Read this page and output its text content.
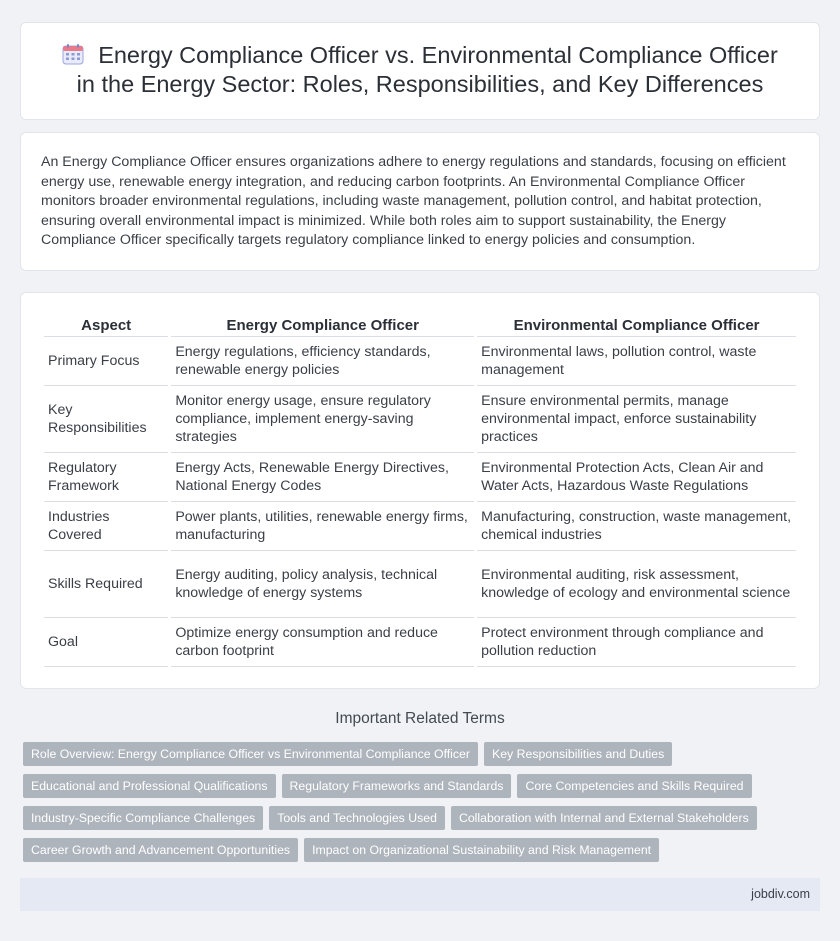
Energy Compliance Officer vs. Environmental Compliance Officer in the Energy Sector: Roles, Responsibilities, and Key Differences

An Energy Compliance Officer ensures organizations adhere to energy regulations and standards, focusing on efficient energy use, renewable energy integration, and reducing carbon footprints. An Environmental Compliance Officer monitors broader environmental regulations, including waste management, pollution control, and habitat protection, ensuring overall environmental impact is minimized. While both roles aim to support sustainability, the Energy Compliance Officer specifically targets regulatory compliance linked to energy policies and consumption.

Aspect	Energy Compliance Officer	Environmental Compliance Officer
Primary Focus	Energy regulations, efficiency standards, renewable energy policies	Environmental laws, pollution control, waste management
Key Responsibilities	Monitor energy usage, ensure regulatory compliance, implement energy-saving strategies	Ensure environmental permits, manage environmental impact, enforce sustainability practices
Regulatory Framework	Energy Acts, Renewable Energy Directives, National Energy Codes	Environmental Protection Acts, Clean Air and Water Acts, Hazardous Waste Regulations
Industries Covered	Power plants, utilities, renewable energy firms, manufacturing	Manufacturing, construction, waste management, chemical industries
Skills Required	Energy auditing, policy analysis, technical knowledge of energy systems	Environmental auditing, risk assessment, knowledge of ecology and environmental science
Goal	Optimize energy consumption and reduce carbon footprint	Protect environment through compliance and pollution reduction
Important Related Terms
Role Overview: Energy Compliance Officer vs Environmental Compliance Officer Key Responsibilities and Duties
Educational and Professional Qualifications Regulatory Frameworks and Standards Core Competencies and Skills Required
Industry-Specific Compliance Challenges Tools and Technologies Used Collaboration with Internal and External Stakeholders
Career Growth and Advancement Opportunities Impact on Organizational Sustainability and Risk Management
jobdiv.com
